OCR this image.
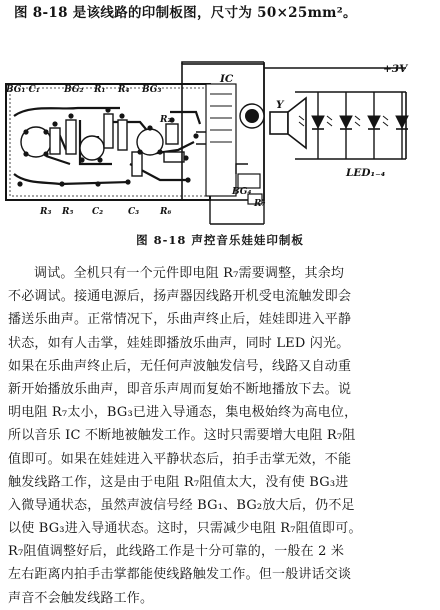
图 8-18 是该线路的印制板图，尺寸为 50×25mm²。
BG₁ C₁	BG₂ R₁ R₄ BG₃
IC
R₂
R₃ R₅ C₂	C₃ R₆
BG₄
R₇
Y
+3V
LED₁₋₄
图 8-18 声控音乐娃娃印制板
调试。全机只有一个元件即电阻 R₇需要调整，其余均
不必调试。接通电源后，扬声器因线路开机受电流触发即会
播送乐曲声。正常情况下，乐曲声终止后，娃娃即进入平静
状态，如有人击掌，娃娃即播放乐曲声，同时 LED 闪光。
如果在乐曲声终止后，无任何声波触发信号，线路又自动重
新开始播放乐曲声，即音乐声周而复始不断地播放下去。说
明电阻 R₇太小，BG₃已进入导通态，集电极始终为高电位，
所以音乐 IC 不断地被触发工作。这时只需要增大电阻 R₇阻
值即可。如果在娃娃进入平静状态后，拍手击掌无效，不能
触发线路工作，这是由于电阻 R₇阻值太大，没有使 BG₃进
入微导通状态，虽然声波信号经 BG₁、BG₂放大后，仍不足
以使 BG₃进入导通状态。这时，只需减少电阻 R₇阻值即可。
R₇阻值调整好后，此线路工作是十分可靠的，一般在 2 米
左右距离内拍手击掌都能使线路触发工作。但一般讲话交谈
声音不会触发线路工作。
